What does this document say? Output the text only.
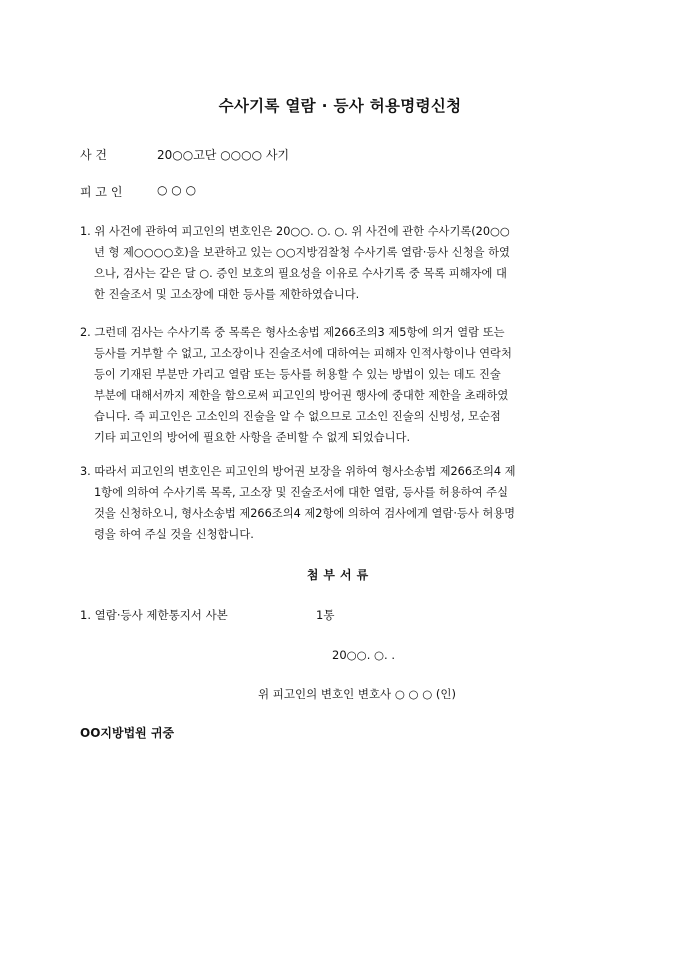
수사기록 열람 · 등사 허용명령신청
사 건	20○○고단 ○○○○ 사기
피 고 인	○ ○ ○
1. 위 사건에 관하여 피고인의 변호인은 20○○. ○. ○. 위 사건에 관한 수사기록(20○○
년 형 제○○○○호)을 보관하고 있는 ○○지방검찰청 수사기록 열람·등사 신청을 하였
으나, 검사는 같은 달 ○. 증인 보호의 필요성을 이유로 수사기록 중 목록 피해자에 대
한 진술조서 및 고소장에 대한 등사를 제한하였습니다.
2. 그런데 검사는 수사기록 중 목록은 형사소송법 제266조의3 제5항에 의거 열람 또는
등사를 거부할 수 없고, 고소장이나 진술조서에 대하여는 피해자 인적사항이나 연락처
등이 기재된 부분만 가리고 열람 또는 등사를 허용할 수 있는 방법이 있는 데도 진술
부분에 대해서까지 제한을 함으로써 피고인의 방어권 행사에 중대한 제한을 초래하였
습니다. 즉 피고인은 고소인의 진술을 알 수 없으므로 고소인 진술의 신빙성, 모순점
기타 피고인의 방어에 필요한 사항을 준비할 수 없게 되었습니다.
3. 따라서 피고인의 변호인은 피고인의 방어권 보장을 위하여 형사소송법 제266조의4 제
1항에 의하여 수사기록 목록, 고소장 및 진술조서에 대한 열람, 등사를 허용하여 주실
것을 신청하오니, 형사소송법 제266조의4 제2항에 의하여 검사에게 열람·등사 허용명
령을 하여 주실 것을 신청합니다.
첨부서류
1. 열람·등사 제한통지서 사본	1통
20○○. ○. .
위 피고인의 변호인 변호사 ○ ○ ○ (인)
OO지방법원 귀중
